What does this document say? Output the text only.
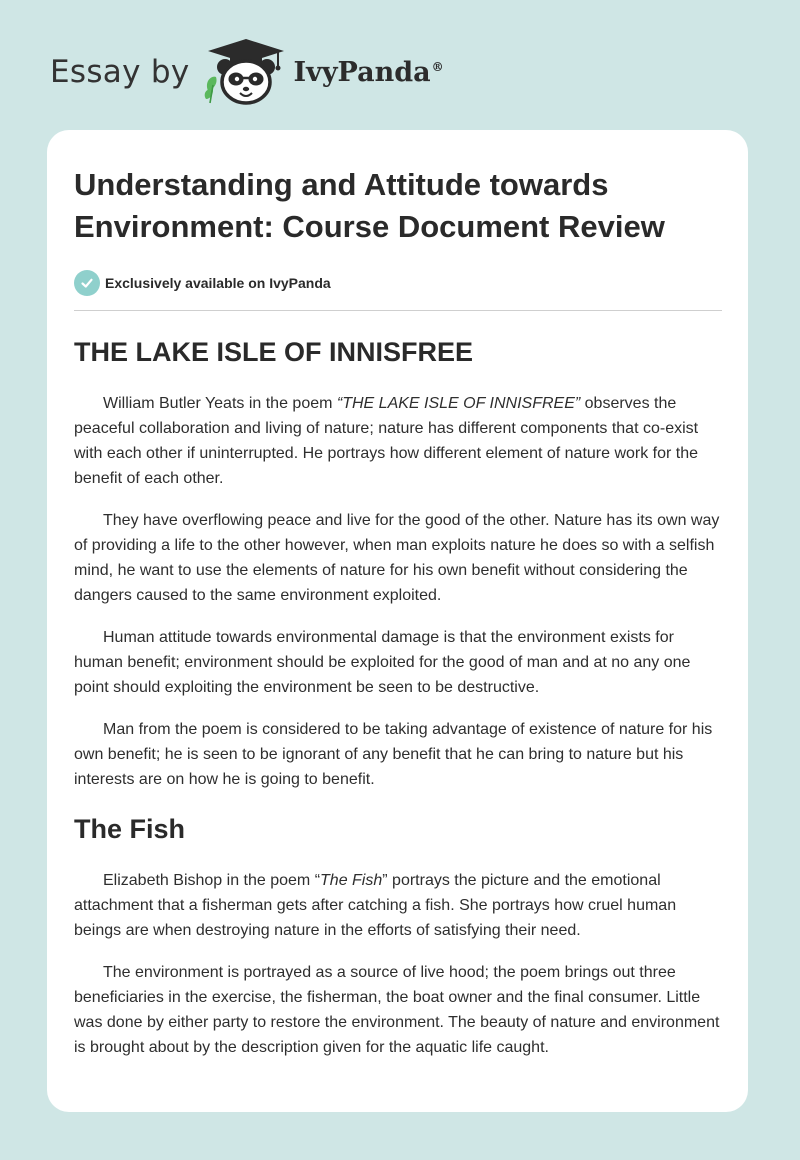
Essay by	IvyPanda®
Understanding and Attitude towards Environment: Course Document Review
Exclusively available on IvyPanda
THE LAKE ISLE OF INNISFREE

William Butler Yeats in the poem “THE LAKE ISLE OF INNISFREE” observes the peaceful collaboration and living of nature; nature has different components that co-exist with each other if uninterrupted. He portrays how different element of nature work for the benefit of each other.

They have overflowing peace and live for the good of the other. Nature has its own way of providing a life to the other however, when man exploits nature he does so with a selfish mind, he want to use the elements of nature for his own benefit without considering the dangers caused to the same environment exploited.

Human attitude towards environmental damage is that the environment exists for human benefit; environment should be exploited for the good of man and at no any one point should exploiting the environment be seen to be destructive.

Man from the poem is considered to be taking advantage of existence of nature for his own benefit; he is seen to be ignorant of any benefit that he can bring to nature but his interests are on how he is going to benefit.

The Fish

Elizabeth Bishop in the poem “The Fish” portrays the picture and the emotional attachment that a fisherman gets after catching a fish. She portrays how cruel human beings are when destroying nature in the efforts of satisfying their need.

The environment is portrayed as a source of live hood; the poem brings out three beneficiaries in the exercise, the fisherman, the boat owner and the final consumer. Little was done by either party to restore the environment. The beauty of nature and environment is brought about by the description given for the aquatic life caught.
